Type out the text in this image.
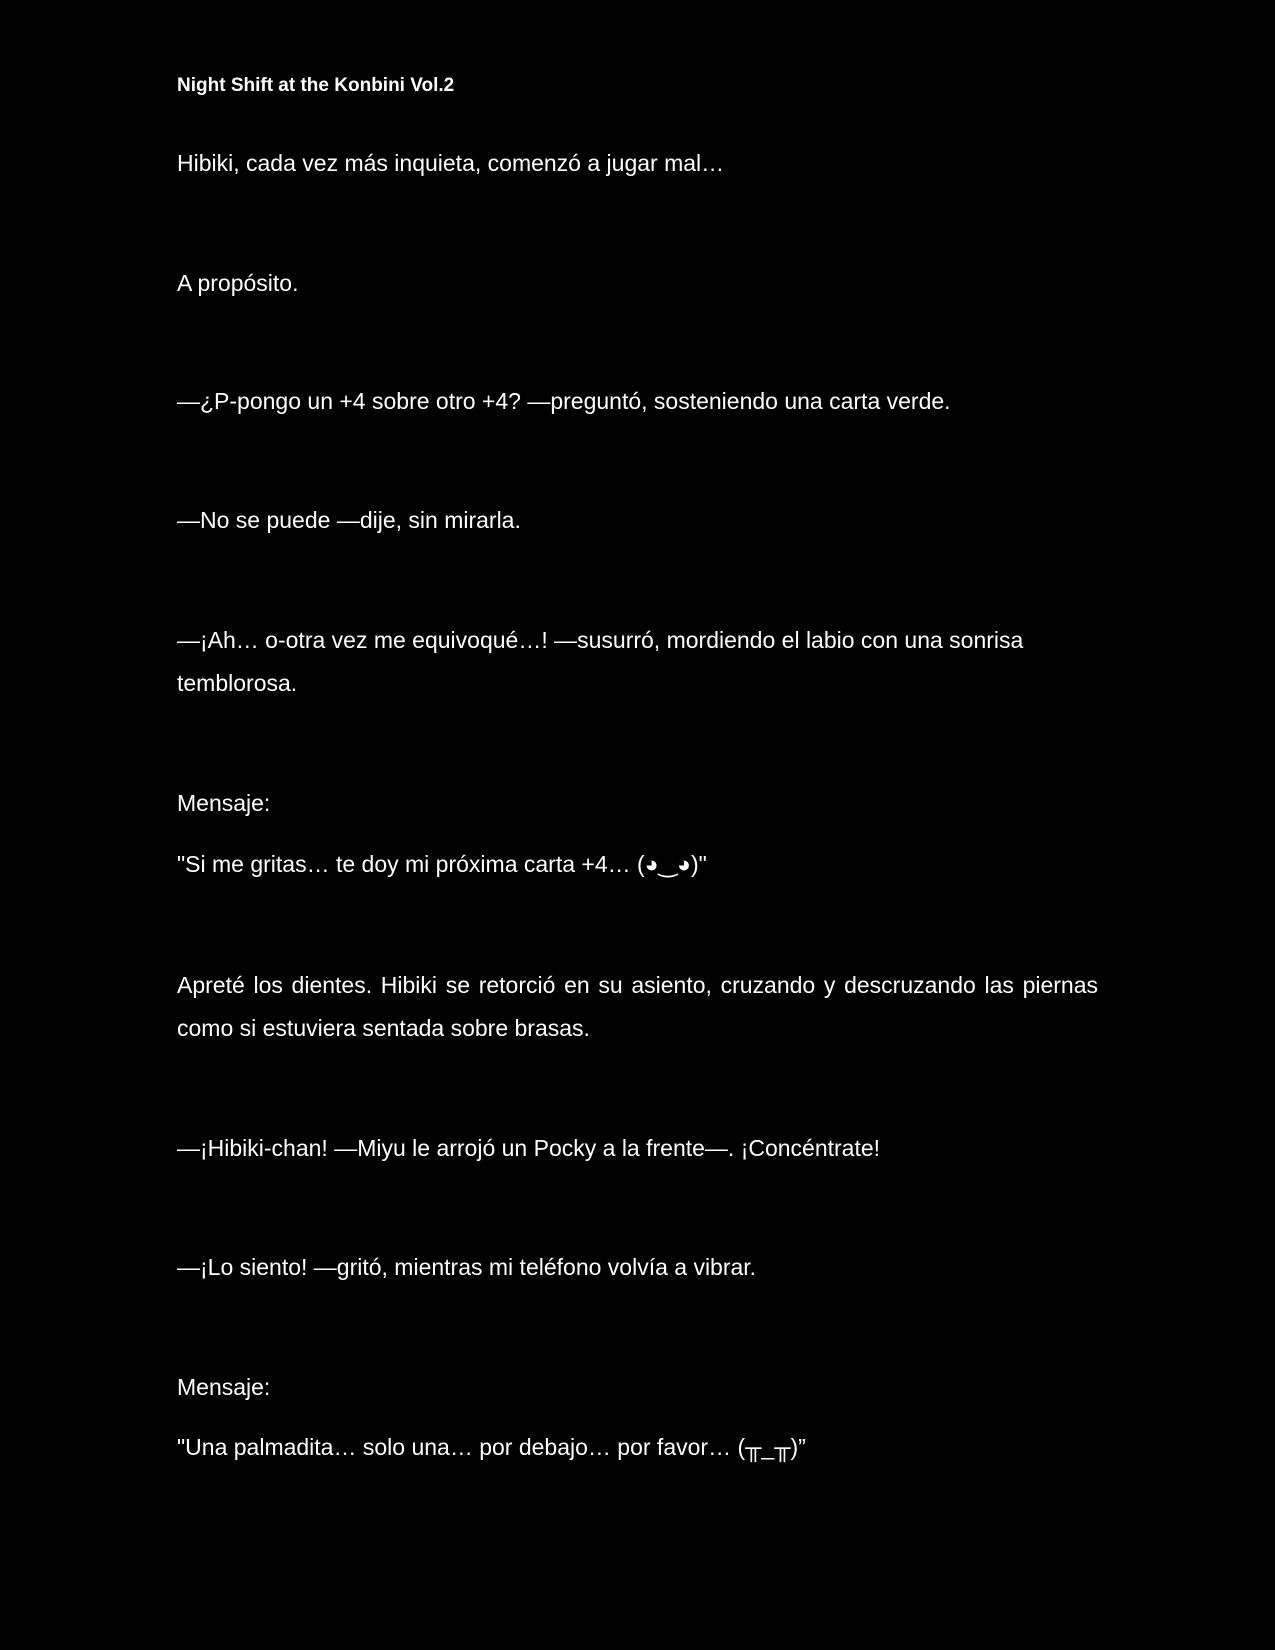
Night Shift at the Konbini Vol.2

Hibiki, cada vez más inquieta, comenzó a jugar mal…

A propósito.

—¿P-pongo un +4 sobre otro +4? —preguntó, sosteniendo una carta verde.

—No se puede —dije, sin mirarla.

—¡Ah… o-otra vez me equivoqué…! —susurró, mordiendo el labio con una sonrisa temblorosa.

Mensaje:

"Si me gritas… te doy mi próxima carta +4… (◕‿◕)"

Apreté los dientes. Hibiki se retorció en su asiento, cruzando y descruzando las piernas como si estuviera sentada sobre brasas.

—¡Hibiki-chan! —Miyu le arrojó un Pocky a la frente—. ¡Concéntrate!

—¡Lo siento! —gritó, mientras mi teléfono volvía a vibrar.

Mensaje:

"Una palmadita… solo una… por debajo… por favor… (╥_╥)”
